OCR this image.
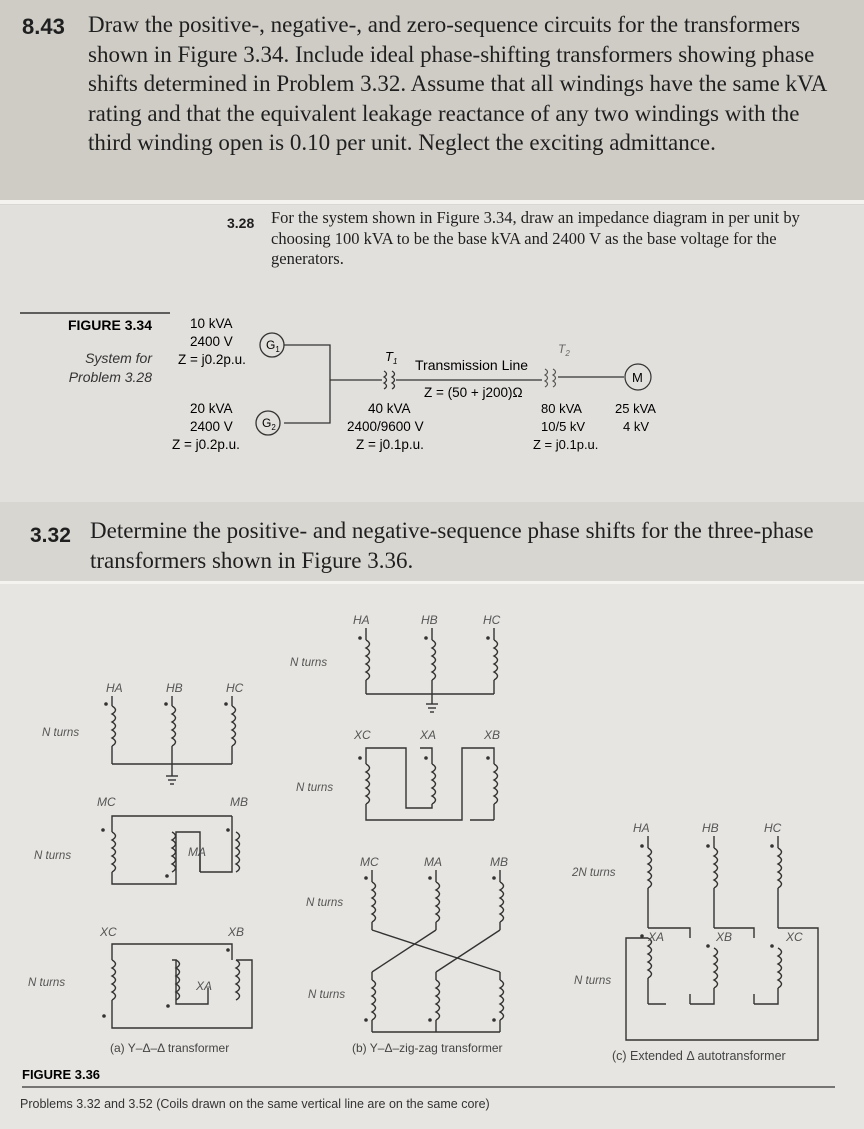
8.43 Draw the positive-, negative-, and zero-sequence circuits for the transformers shown in Figure 3.34. Include ideal phase-shifting transformers showing phase shifts determined in Problem 3.32. Assume that all windings have the same kVA rating and that the equivalent leakage reactance of any two windings with the third winding open is 0.10 per unit. Neglect the exciting admittance.

3.28 For the system shown in Figure 3.34, draw an impedance diagram in per unit by choosing 100 kVA to be the base kVA and 2400 V as the base voltage for the generators.

FIGURE 3.34
System for
Problem 3.28
10 kVA
2400 V
Z = j0.2p.u.
$G_1$
20 kVA
2400 V
Z = j0.2p.u.
$G_2$
$T_1$ Transmission Line
Z = (50 + j200)Ω
40 kVA
2400/9600 V
Z = j0.1p.u.
$T_2$
80 kVA
10/5 kV
Z = j0.1p.u.
M
25 kVA
4 kV
3.32 Determine the positive- and negative-sequence phase shifts for the three-phase transformers shown in Figure 3.36.

HA	HB	HC
N turns
MC
MA
MB
N turns
XC
XA
XB
N turns
(a) Y–Δ–Δ transformer
HA	HB	HC
N turns
XC	XA	XB
N turns
MC	MA	MB
N turns
N turns
(b) Y–Δ–zig-zag transformer
HA	HB	HC
2N turns
XA	XB	XC
N turns
(c) Extended Δ autotransformer
FIGURE 3.36
Problems 3.32 and 3.52 (Coils drawn on the same vertical line are on the same core)
